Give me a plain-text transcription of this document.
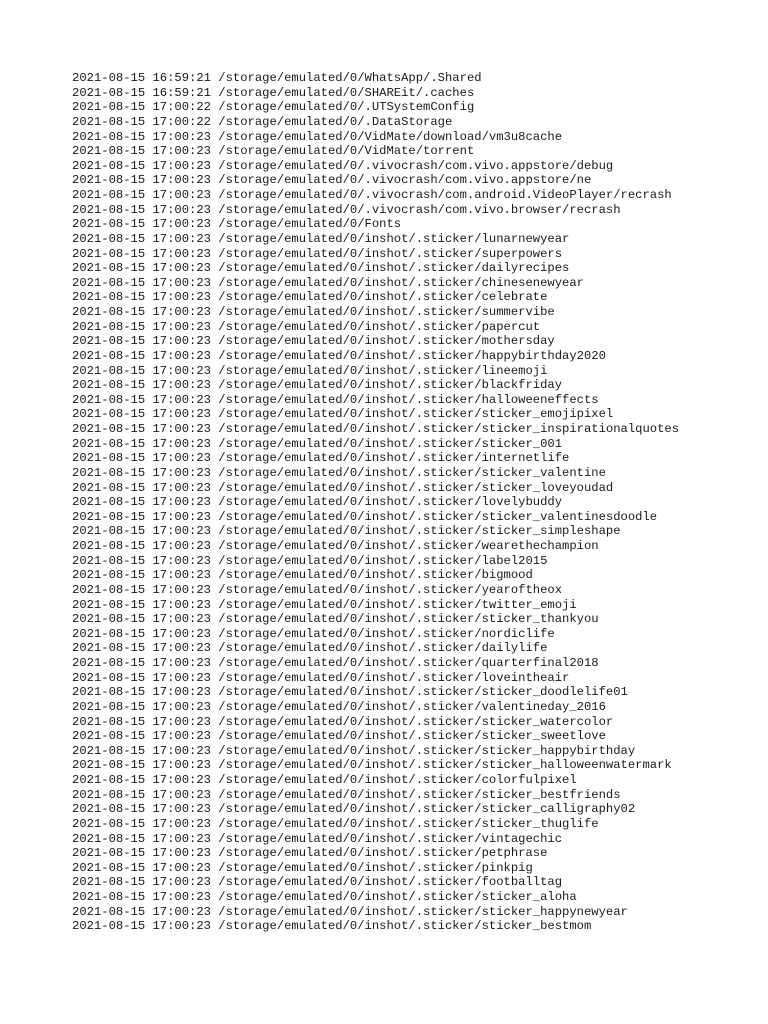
2021-08-15 16:59:21 /storage/emulated/0/WhatsApp/.Shared
2021-08-15 16:59:21 /storage/emulated/0/SHAREit/.caches
2021-08-15 17:00:22 /storage/emulated/0/.UTSystemConfig
2021-08-15 17:00:22 /storage/emulated/0/.DataStorage
2021-08-15 17:00:23 /storage/emulated/0/VidMate/download/vm3u8cache
2021-08-15 17:00:23 /storage/emulated/0/VidMate/torrent
2021-08-15 17:00:23 /storage/emulated/0/.vivocrash/com.vivo.appstore/debug
2021-08-15 17:00:23 /storage/emulated/0/.vivocrash/com.vivo.appstore/ne
2021-08-15 17:00:23 /storage/emulated/0/.vivocrash/com.android.VideoPlayer/recrash
2021-08-15 17:00:23 /storage/emulated/0/.vivocrash/com.vivo.browser/recrash
2021-08-15 17:00:23 /storage/emulated/0/Fonts
2021-08-15 17:00:23 /storage/emulated/0/inshot/.sticker/lunarnewyear
2021-08-15 17:00:23 /storage/emulated/0/inshot/.sticker/superpowers
2021-08-15 17:00:23 /storage/emulated/0/inshot/.sticker/dailyrecipes
2021-08-15 17:00:23 /storage/emulated/0/inshot/.sticker/chinesenewyear
2021-08-15 17:00:23 /storage/emulated/0/inshot/.sticker/celebrate
2021-08-15 17:00:23 /storage/emulated/0/inshot/.sticker/summervibe
2021-08-15 17:00:23 /storage/emulated/0/inshot/.sticker/papercut
2021-08-15 17:00:23 /storage/emulated/0/inshot/.sticker/mothersday
2021-08-15 17:00:23 /storage/emulated/0/inshot/.sticker/happybirthday2020
2021-08-15 17:00:23 /storage/emulated/0/inshot/.sticker/lineemoji
2021-08-15 17:00:23 /storage/emulated/0/inshot/.sticker/blackfriday
2021-08-15 17:00:23 /storage/emulated/0/inshot/.sticker/halloweeneffects
2021-08-15 17:00:23 /storage/emulated/0/inshot/.sticker/sticker_emojipixel
2021-08-15 17:00:23 /storage/emulated/0/inshot/.sticker/sticker_inspirationalquotes
2021-08-15 17:00:23 /storage/emulated/0/inshot/.sticker/sticker_001
2021-08-15 17:00:23 /storage/emulated/0/inshot/.sticker/internetlife
2021-08-15 17:00:23 /storage/emulated/0/inshot/.sticker/sticker_valentine
2021-08-15 17:00:23 /storage/emulated/0/inshot/.sticker/sticker_loveyoudad
2021-08-15 17:00:23 /storage/emulated/0/inshot/.sticker/lovelybuddy
2021-08-15 17:00:23 /storage/emulated/0/inshot/.sticker/sticker_valentinesdoodle
2021-08-15 17:00:23 /storage/emulated/0/inshot/.sticker/sticker_simpleshape
2021-08-15 17:00:23 /storage/emulated/0/inshot/.sticker/wearethechampion
2021-08-15 17:00:23 /storage/emulated/0/inshot/.sticker/label2015
2021-08-15 17:00:23 /storage/emulated/0/inshot/.sticker/bigmood
2021-08-15 17:00:23 /storage/emulated/0/inshot/.sticker/yearoftheox
2021-08-15 17:00:23 /storage/emulated/0/inshot/.sticker/twitter_emoji
2021-08-15 17:00:23 /storage/emulated/0/inshot/.sticker/sticker_thankyou
2021-08-15 17:00:23 /storage/emulated/0/inshot/.sticker/nordiclife
2021-08-15 17:00:23 /storage/emulated/0/inshot/.sticker/dailylife
2021-08-15 17:00:23 /storage/emulated/0/inshot/.sticker/quarterfinal2018
2021-08-15 17:00:23 /storage/emulated/0/inshot/.sticker/loveintheair
2021-08-15 17:00:23 /storage/emulated/0/inshot/.sticker/sticker_doodlelife01
2021-08-15 17:00:23 /storage/emulated/0/inshot/.sticker/valentineday_2016
2021-08-15 17:00:23 /storage/emulated/0/inshot/.sticker/sticker_watercolor
2021-08-15 17:00:23 /storage/emulated/0/inshot/.sticker/sticker_sweetlove
2021-08-15 17:00:23 /storage/emulated/0/inshot/.sticker/sticker_happybirthday
2021-08-15 17:00:23 /storage/emulated/0/inshot/.sticker/sticker_halloweenwatermark
2021-08-15 17:00:23 /storage/emulated/0/inshot/.sticker/colorfulpixel
2021-08-15 17:00:23 /storage/emulated/0/inshot/.sticker/sticker_bestfriends
2021-08-15 17:00:23 /storage/emulated/0/inshot/.sticker/sticker_calligraphy02
2021-08-15 17:00:23 /storage/emulated/0/inshot/.sticker/sticker_thuglife
2021-08-15 17:00:23 /storage/emulated/0/inshot/.sticker/vintagechic
2021-08-15 17:00:23 /storage/emulated/0/inshot/.sticker/petphrase
2021-08-15 17:00:23 /storage/emulated/0/inshot/.sticker/pinkpig
2021-08-15 17:00:23 /storage/emulated/0/inshot/.sticker/footballtag
2021-08-15 17:00:23 /storage/emulated/0/inshot/.sticker/sticker_aloha
2021-08-15 17:00:23 /storage/emulated/0/inshot/.sticker/sticker_happynewyear
2021-08-15 17:00:23 /storage/emulated/0/inshot/.sticker/sticker_bestmom
